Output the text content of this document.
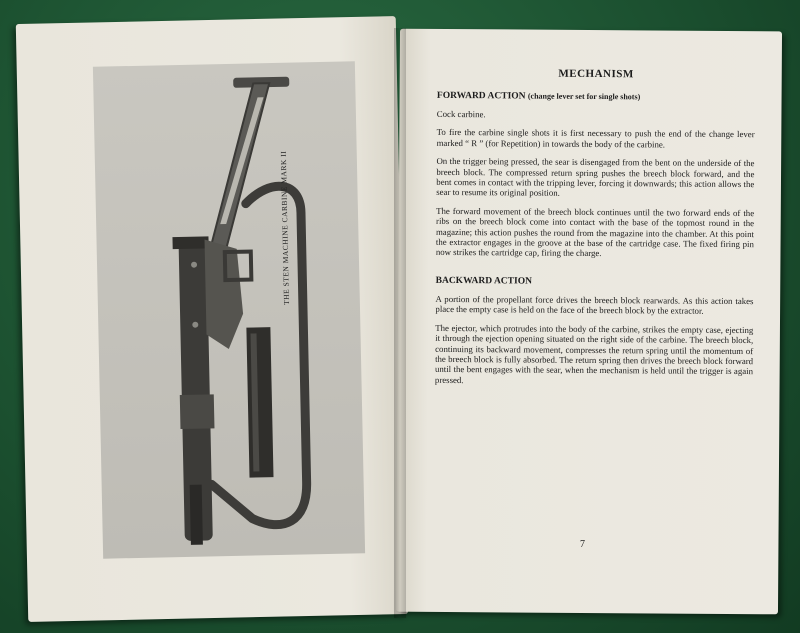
THE STEN MACHINE CARBINE MARK II
MECHANISM
FORWARD ACTION (change lever set for single shots)

Cock carbine.

To fire the carbine single shots it is first necessary to push the end of the change lever marked “ R ” (for Repetition) in towards the body of the carbine.

On the trigger being pressed, the sear is disengaged from the bent on the underside of the breech block. The compressed return spring pushes the breech block forward, and the bent comes in contact with the tripping lever, forcing it downwards; this action allows the sear to resume its original position.

The forward movement of the breech block continues until the two forward ends of the ribs on the breech block come into contact with the base of the topmost round in the magazine; this action pushes the round from the magazine into the chamber. At this point the extractor engages in the groove at the base of the cartridge case. The fixed firing pin now strikes the cartridge cap, firing the charge.

BACKWARD ACTION

A portion of the propellant force drives the breech block rearwards. As this action takes place the empty case is held on the face of the breech block by the extractor.

The ejector, which protrudes into the body of the carbine, strikes the empty case, ejecting it through the ejection opening situated on the right side of the carbine. The breech block, continuing its backward movement, compresses the return spring until the momentum of the breech block is fully absorbed. The return spring then drives the breech block forward until the bent engages with the sear, when the mechanism is held until the trigger is again pressed.

7
